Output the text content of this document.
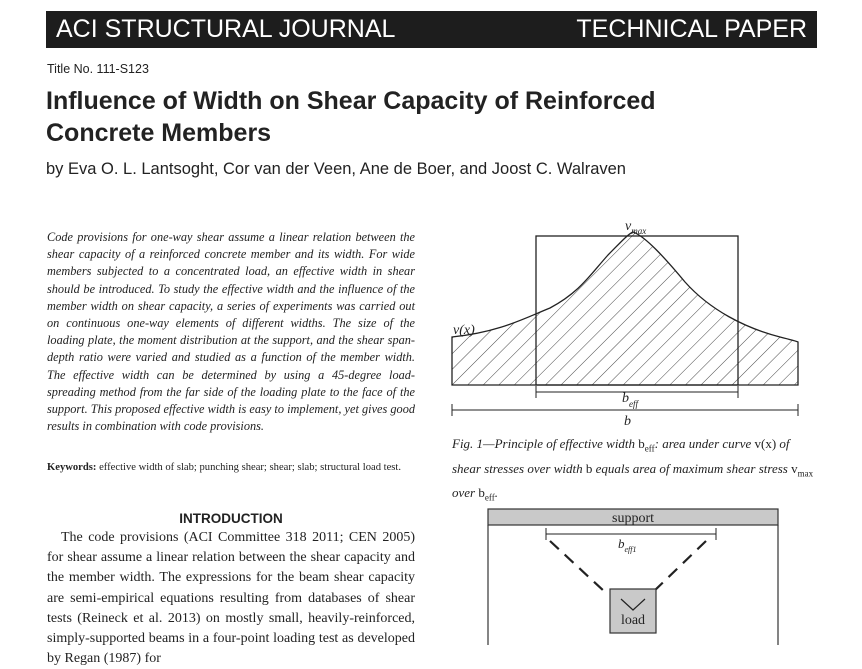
ACI STRUCTURAL JOURNAL	TECHNICAL PAPER
Title No. 111-S123
Influence of Width on Shear Capacity of Reinforced Concrete Members
by Eva O. L. Lantsoght, Cor van der Veen, Ane de Boer, and Joost C. Walraven
Code provisions for one-way shear assume a linear relation between the shear capacity of a reinforced concrete member and its width. For wide members subjected to a concentrated load, an effective width in shear should be introduced. To study the effective width and the influence of the member width on shear capacity, a series of experiments was carried out on continuous one-way elements of different widths. The size of the loading plate, the moment distribution at the support, and the shear span-depth ratio were varied and studied as a function of the member width. The effective width can be determined by using a 45-degree load-spreading method from the far side of the loading plate to the face of the support. This proposed effective width is easy to implement, yet gives good results in combination with code provisions.
Keywords: effective width of slab; punching shear; shear; slab; structural load test.
INTRODUCTION
The code provisions (ACI Committee 318 2011; CEN 2005) for shear assume a linear relation between the shear capacity and the member width. The expressions for the beam shear capacity are semi-empirical equations resulting from databases of shear tests (Reineck et al. 2013) on mostly small, heavily-reinforced, simply-supported beams in a four-point loading test as developed by Regan (1987) for
$v_{max}$
v(x)
$b_{eff}$
b
Fig. 1—Principle of effective width $b_{eff}$: area under curve v(x) of shear stresses over width b equals area of maximum shear stress $v_{max}$ over $b_{eff}$.
support
$b_{eff1}$
load
